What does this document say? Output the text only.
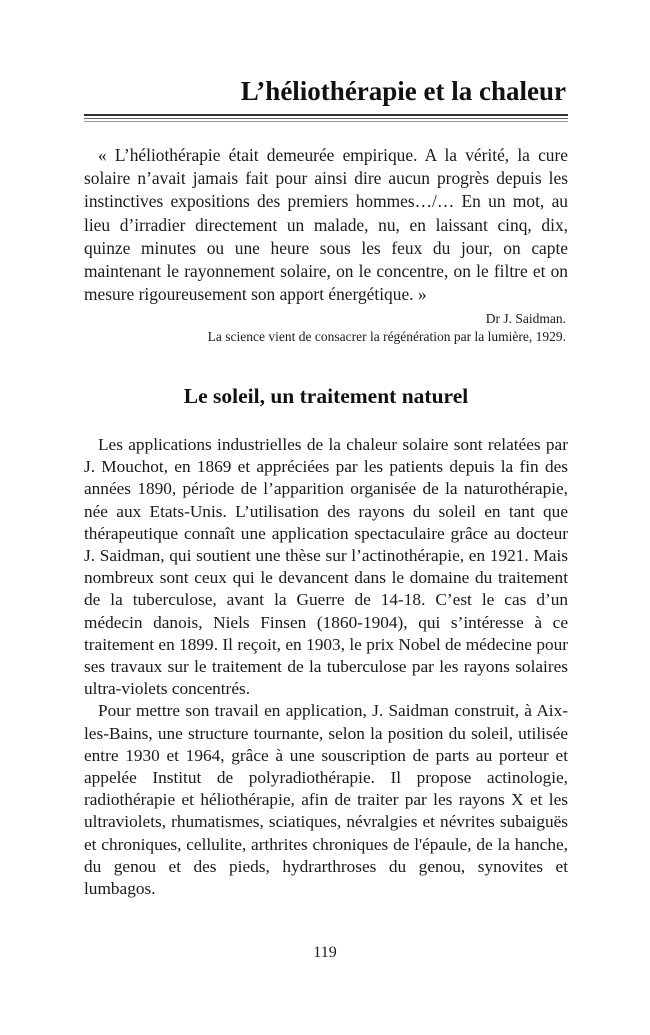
L’héliothérapie et la chaleur

« L’héliothérapie était demeurée empirique. A la vérité, la cure solaire n’avait jamais fait pour ainsi dire aucun progrès depuis les instinctives expositions des premiers hommes…/… En un mot, au lieu d’irradier directement un malade, nu, en laissant cinq, dix, quinze minutes ou une heure sous les feux du jour, on capte maintenant le rayonnement solaire, on le concentre, on le filtre et on mesure rigoureusement son apport énergétique. »

Dr J. Saidman.

La science vient de consacrer la régénération par la lumière, 1929.

Le soleil, un traitement naturel

Les applications industrielles de la chaleur solaire sont relatées par J. Mouchot, en 1869 et appréciées par les patients depuis la fin des années 1890, période de l’apparition organisée de la naturothérapie, née aux Etats-Unis. L’utilisation des rayons du soleil en tant que thérapeutique connaît une application spectaculaire grâce au docteur J. Saidman, qui soutient une thèse sur l’actinothérapie, en 1921. Mais nombreux sont ceux qui le devancent dans le domaine du traitement de la tuberculose, avant la Guerre de 14-18. C’est le cas d’un médecin danois, Niels Finsen (1860-1904), qui s’intéresse à ce traitement en 1899. Il reçoit, en 1903, le prix Nobel de médecine pour ses travaux sur le traitement de la tuberculose par les rayons solaires ultra-violets concentrés.

Pour mettre son travail en application, J. Saidman construit, à Aix-les-Bains, une structure tournante, selon la position du soleil, utilisée entre 1930 et 1964, grâce à une souscription de parts au porteur et appelée Institut de polyradiothérapie. Il propose actinologie, radiothérapie et héliothérapie, afin de traiter par les rayons X et les ultraviolets, rhumatismes, sciatiques, névralgies et névrites subaiguës et chroniques, cellulite, arthrites chroniques de l'épaule, de la hanche, du genou et des pieds, hydrarthroses du genou, synovites et lumbagos.

119
